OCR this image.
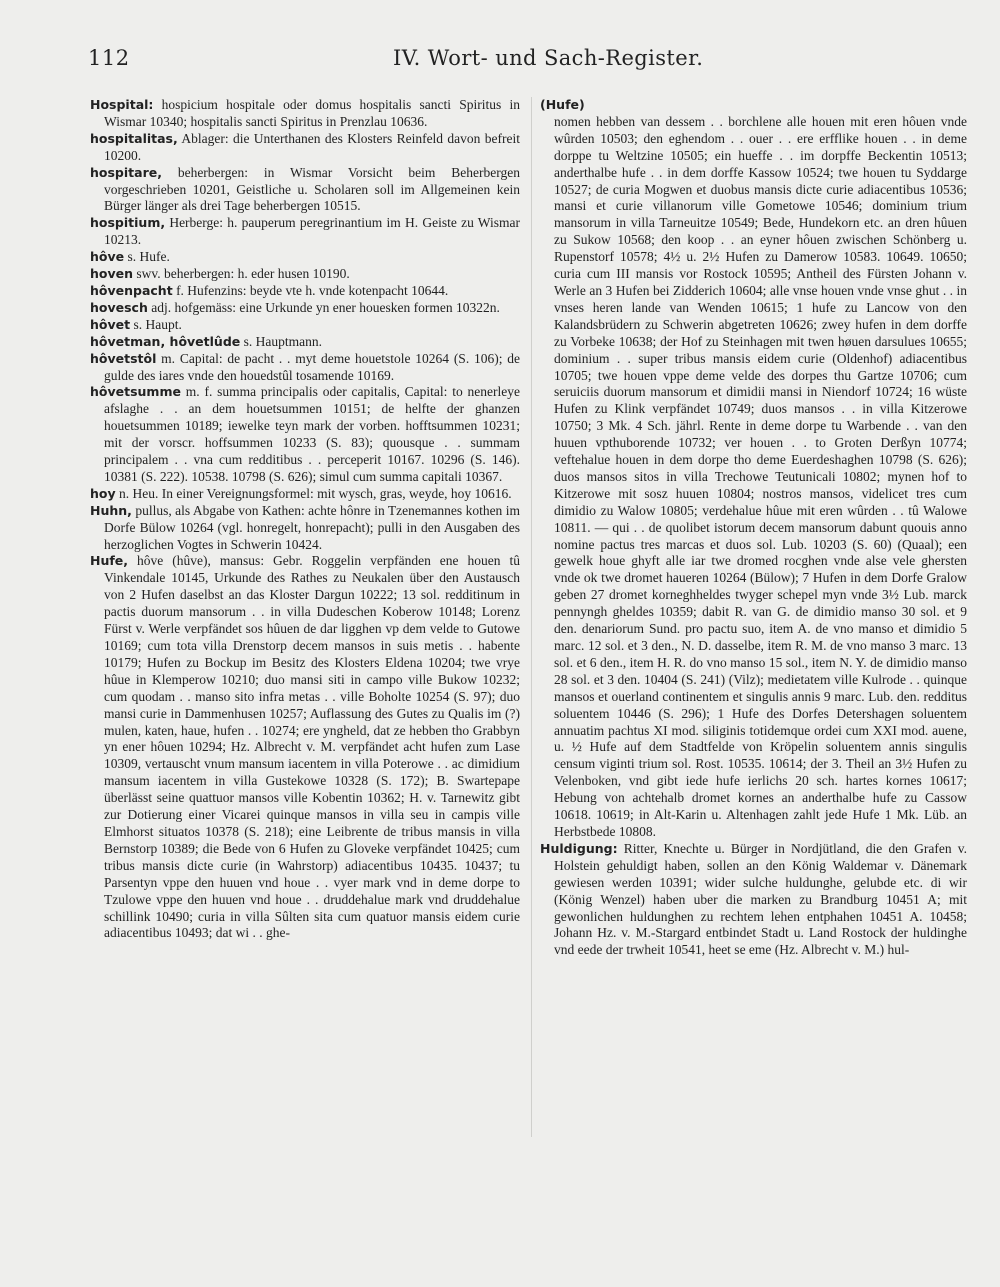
112	IV. Wort- und Sach-Register.

Hospital: hospicium hospitale oder domus hospitalis sancti Spiritus in Wismar 10340; hospitalis sancti Spiritus in Prenzlau 10636.

hospitalitas, Ablager: die Unterthanen des Klosters Reinfeld davon befreit 10200.

hospitare, beherbergen: in Wismar Vorsicht beim Beherbergen vorgeschrieben 10201, Geistliche u. Scholaren soll im Allgemeinen kein Bürger länger als drei Tage beherbergen 10515.

hospitium, Herberge: h. pauperum peregrinantium im H. Geiste zu Wismar 10213.

hôve s. Hufe.

hoven swv. beherbergen: h. eder husen 10190.

hôvenpacht f. Hufenzins: beyde vte h. vnde kotenpacht 10644.

hovesch adj. hofgemäss: eine Urkunde yn ener houesken formen 10322n.

hôvet s. Haupt.

hôvetman, hôvetlûde s. Hauptmann.

hôvetstôl m. Capital: de pacht . . myt deme houetstole 10264 (S. 106); de gulde des iares vnde den houedstûl tosamende 10169.

hôvetsumme m. f. summa principalis oder capitalis, Capital: to nenerleye afslaghe . . an dem houetsummen 10151; de helfte der ghanzen houetsummen 10189; iewelke teyn mark der vorben. hofftsummen 10231; mit der vorscr. hoffsummen 10233 (S. 83); quousque . . summam principalem . . vna cum redditibus . . perceperit 10167. 10296 (S. 146). 10381 (S. 222). 10538. 10798 (S. 626); simul cum summa capitali 10367.

hoy n. Heu. In einer Vereignungsformel: mit wysch, gras, weyde, hoy 10616.

Huhn, pullus, als Abgabe von Kathen: achte hônre in Tzenemannes kothen im Dorfe Bülow 10264 (vgl. honregelt, honrepacht); pulli in den Ausgaben des herzoglichen Vogtes in Schwerin 10424.

Hufe, hôve (hûve), mansus: Gebr. Roggelin verpfänden ene houen tû Vinkendale 10145, Urkunde des Rathes zu Neukalen über den Austausch von 2 Hufen daselbst an das Kloster Dargun 10222; 13 sol. redditinum in pactis duorum mansorum . . in villa Dudeschen Koberow 10148; Lorenz Fürst v. Werle verpfändet sos hûuen de dar ligghen vp dem velde to Gutowe 10169; cum tota villa Drenstorp decem mansos in suis metis . . habente 10179; Hufen zu Bockup im Besitz des Klosters Eldena 10204; twe vrye hûue in Klemperow 10210; duo mansi siti in campo ville Bukow 10232; cum quodam . . manso sito infra metas . . ville Boholte 10254 (S. 97); duo mansi curie in Dammenhusen 10257; Auflassung des Gutes zu Qualis im (?) mulen, katen, haue, hufen . . 10274; ere yngheld, dat ze hebben tho Grabbyn yn ener hôuen 10294; Hz. Albrecht v. M. verpfändet acht hufen zum Lase 10309, vertauscht vnum mansum iacentem in villa Poterowe . . ac dimidium mansum iacentem in villa Gustekowe 10328 (S. 172); B. Swartepape überlässt seine quattuor mansos ville Kobentin 10362; H. v. Tarnewitz gibt zur Dotierung einer Vicarei quinque mansos in villa seu in campis ville Elmhorst situatos 10378 (S. 218); eine Leibrente de tribus mansis in villa Bernstorp 10389; die Bede von 6 Hufen zu Gloveke verpfändet 10425; cum tribus mansis dicte curie (in Wahrstorp) adiacentibus 10435. 10437; tu Parsentyn vppe den huuen vnd houe . . vyer mark vnd in deme dorpe to Tzulowe vppe den huuen vnd houe . . druddehalue mark vnd druddehalue schillink 10490; curia in villa Sûlten sita cum quatuor mansis eidem curie adiacentibus 10493; dat wi . . ghe-

(Hufe)

nomen hebben van dessem . . borchlene alle houen mit eren hôuen vnde wûrden 10503; den eghendom . . ouer . . ere erfflike houen . . in deme dorppe tu Weltzine 10505; ein hueffe . . im dorpffe Beckentin 10513; anderthalbe hufe . . in dem dorffe Kassow 10524; twe houen tu Syddarge 10527; de curia Mogwen et duobus mansis dicte curie adiacentibus 10536; mansi et curie villanorum ville Gometowe 10546; dominium trium mansorum in villa Tarneuitze 10549; Bede, Hundekorn etc. an dren hûuen zu Sukow 10568; den koop . . an eyner hôuen zwischen Schönberg u. Rupenstorf 10578; 4½ u. 2½ Hufen zu Damerow 10583. 10649. 10650; curia cum III mansis vor Rostock 10595; Antheil des Fürsten Johann v. Werle an 3 Hufen bei Zidderich 10604; alle vnse houen vnde vnse ghut . . in vnses heren lande van Wenden 10615; 1 hufe zu Lancow von den Kalandsbrüdern zu Schwerin abgetreten 10626; zwey hufen in dem dorffe zu Vorbeke 10638; der Hof zu Steinhagen mit twen høuen darsulues 10655; dominium . . super tribus mansis eidem curie (Oldenhof) adiacentibus 10705; twe houen vppe deme velde des dorpes thu Gartze 10706; cum seruiciis duorum mansorum et dimidii mansi in Niendorf 10724; 16 wüste Hufen zu Klink verpfändet 10749; duos mansos . . in villa Kitzerowe 10750; 3 Mk. 4 Sch. jährl. Rente in deme dorpe tu Warbende . . van den huuen vpthuborende 10732; ver houen . . to Groten Derßyn 10774; veftehalue houen in dem dorpe tho deme Euerdeshaghen 10798 (S. 626); duos mansos sitos in villa Trechowe Teutunicali 10802; mynen hof to Kitzerowe mit sosz huuen 10804; nostros mansos, videlicet tres cum dimidio zu Walow 10805; verdehalue hûue mit eren wûrden . . tû Walowe 10811. — qui . . de quolibet istorum decem mansorum dabunt quouis anno nomine pactus tres marcas et duos sol. Lub. 10203 (S. 60) (Quaal); een gewelk houe ghyft alle iar twe dromed rocghen vnde alse vele ghersten vnde ok twe dromet haueren 10264 (Bülow); 7 Hufen in dem Dorfe Gralow geben 27 dromet korneghheldes twyger schepel myn vnde 3½ Lub. marck pennyngh gheldes 10359; dabit R. van G. de dimidio manso 30 sol. et 9 den. denariorum Sund. pro pactu suo, item A. de vno manso et dimidio 5 marc. 12 sol. et 3 den., N. D. dasselbe, item R. M. de vno manso 3 marc. 13 sol. et 6 den., item H. R. do vno manso 15 sol., item N. Y. de dimidio manso 28 sol. et 3 den. 10404 (S. 241) (Vilz); medietatem ville Kulrode . . quinque mansos et ouerland continentem et singulis annis 9 marc. Lub. den. redditus soluentem 10446 (S. 296); 1 Hufe des Dorfes Detershagen soluentem annuatim pachtus XI mod. siliginis totidemque ordei cum XXI mod. auene, u. ½ Hufe auf dem Stadtfelde von Kröpelin soluentem annis singulis censum viginti trium sol. Rost. 10535. 10614; der 3. Theil an 3½ Hufen zu Velenboken, vnd gibt iede hufe ierlichs 20 sch. hartes kornes 10617; Hebung von achtehalb dromet kornes an anderthalbe hufe zu Cassow 10618. 10619; in Alt-Karin u. Altenhagen zahlt jede Hufe 1 Mk. Lüb. an Herbstbede 10808.

Huldigung: Ritter, Knechte u. Bürger in Nordjütland, die den Grafen v. Holstein gehuldigt haben, sollen an den König Waldemar v. Dänemark gewiesen werden 10391; wider sulche huldunghe, gelubde etc. di wir (König Wenzel) haben uber die marken zu Brandburg 10451 A; mit gewonlichen huldunghen zu rechtem lehen entphahen 10451 A. 10458; Johann Hz. v. M.-Stargard entbindet Stadt u. Land Rostock der huldinghe vnd eede der trwheit 10541, heet se eme (Hz. Albrecht v. M.) hul-
